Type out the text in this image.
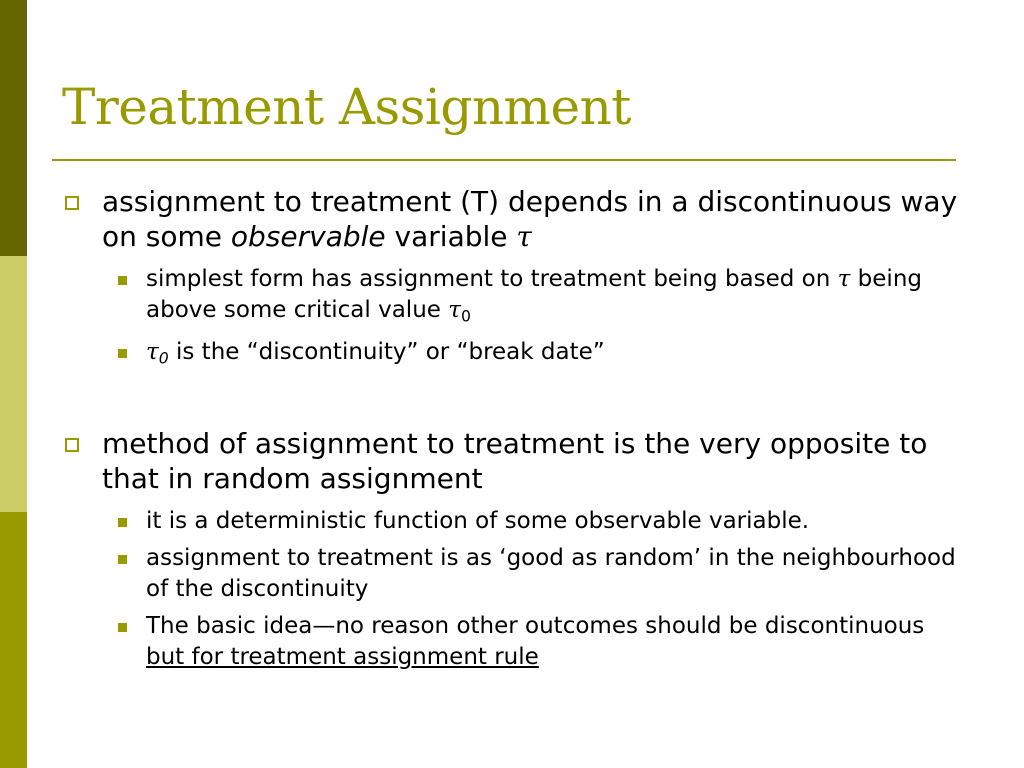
Treatment Assignment
assignment to treatment (T) depends in a discontinuous way on some observable variable τ
simplest form has assignment to treatment being based on τ being above some critical value τ0
τ0 is the “discontinuity” or “break date”
method of assignment to treatment is the very opposite to that in random assignment
it is a deterministic function of some observable variable.
assignment to treatment is as ‘good as random’ in the neighbourhood of the discontinuity
The basic idea—no reason other outcomes should be discontinuous but for treatment assignment rule
